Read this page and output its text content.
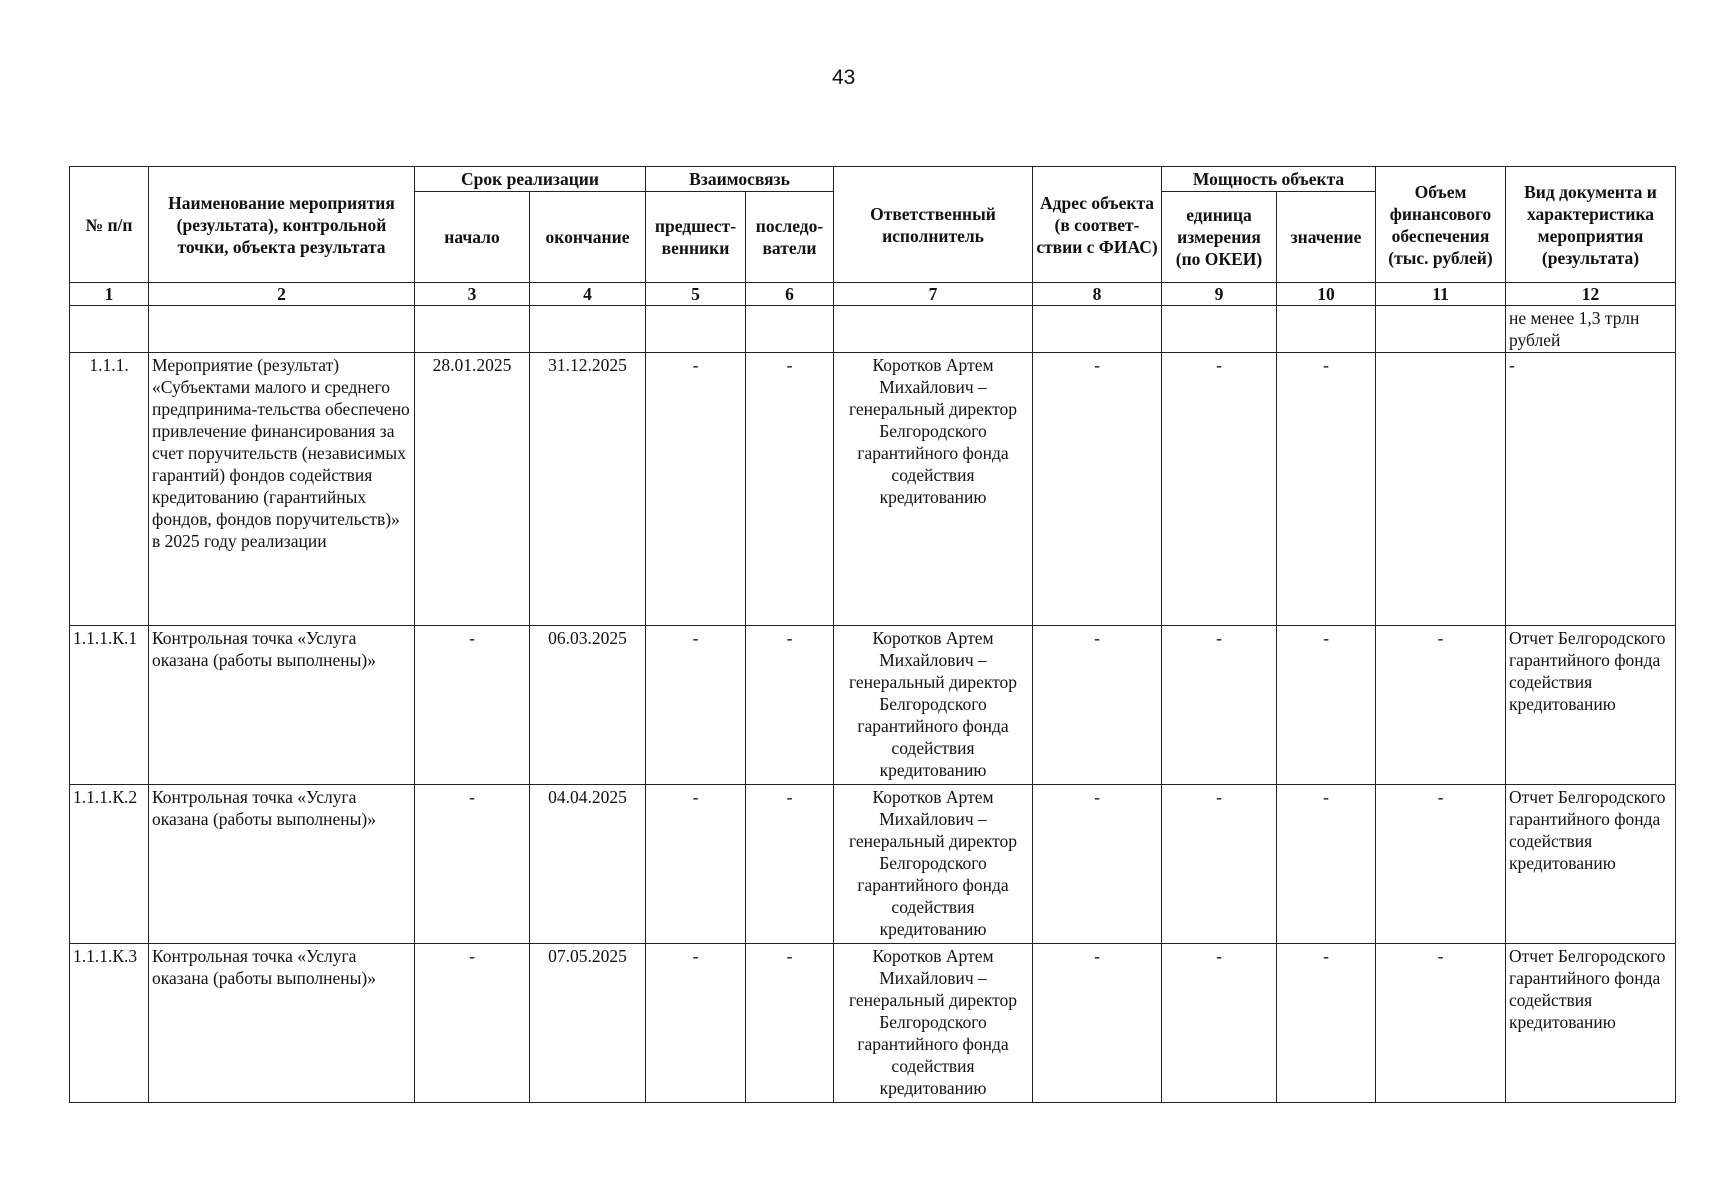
43
№ п/п	Наименование мероприятия (результата), контрольной точки, объекта результата	Срок реализации		Взаимосвязь		Ответственный исполнитель	Адрес объекта (в соответ-ствии с ФИАС)	Мощность объекта		Объем финансового обеспечения (тыс. рублей)	Вид документа и характеристика мероприятия (результата)
		начало	окончание	предшест-венники	последо-ватели			единица измерения (по ОКЕИ)	значение		
1	2	3	4	5	6	7	8	9	10	11	12
											не менее 1,3 трлн рублей
1.1.1.	Мероприятие (результат) «Субъектами малого и среднего предпринима-тельства обеспечено привлечение финансирования за счет поручительств (независимых гарантий) фондов содействия кредитованию (гарантийных фондов, фондов поручительств)» в 2025 году реализации	28.01.2025	31.12.2025	-	-	Коротков Артем Михайлович – генеральный директор Белгородского гарантийного фонда содействия кредитованию	-	-	-		-
1.1.1.К.1	Контрольная точка «Услуга оказана (работы выполнены)»	-	06.03.2025	-	-	Коротков Артем Михайлович – генеральный директор Белгородского гарантийного фонда содействия кредитованию	-	-	-	-	Отчет Белгородского гарантийного фонда содействия кредитованию
1.1.1.К.2	Контрольная точка «Услуга оказана (работы выполнены)»	-	04.04.2025	-	-	Коротков Артем Михайлович – генеральный директор Белгородского гарантийного фонда содействия кредитованию	-	-	-	-	Отчет Белгородского гарантийного фонда содействия кредитованию
1.1.1.К.3	Контрольная точка «Услуга оказана (работы выполнены)»	-	07.05.2025	-	-	Коротков Артем Михайлович – генеральный директор Белгородского гарантийного фонда содействия кредитованию	-	-	-	-	Отчет Белгородского гарантийного фонда содействия кредитованию
